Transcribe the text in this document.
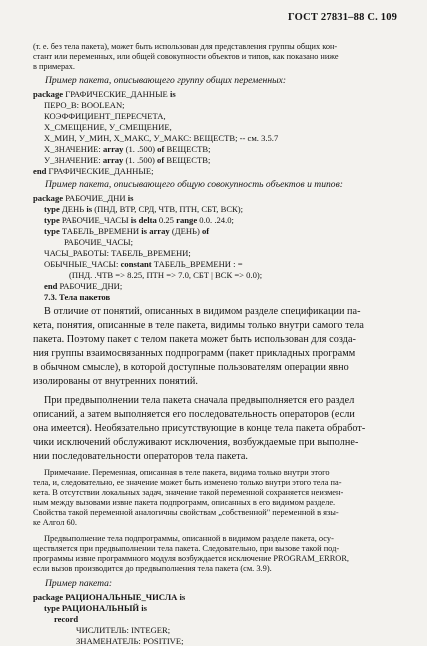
ГОСТ 27831–88 С. 109
(т. е. без тела пакета), может быть использован для представления группы общих кон-
стант или переменных, или общей совокупности объектов и типов, как показано ниже
в примерах.
Пример пакета, описывающего группу общих переменных:
package ГРАФИЧЕСКИЕ_ДАННЫЕ is
ПЕРО_В: BOOLEAN;
КОЭФФИЦИЕНТ_ПЕРЕСЧЕТА,
Х_СМЕЩЕНИЕ, У_СМЕЩЕНИЕ,
Х_МИН, У_МИН, Х_МАКС, У_МАКС: ВЕЩЕСТВ; -- см. 3.5.7
Х_ЗНАЧЕНИЕ: array (1. .500) of ВЕЩЕСТВ;
У_ЗНАЧЕНИЕ: array (1. .500) of ВЕЩЕСТВ;
end ГРАФИЧЕСКИЕ_ДАННЫЕ;
Пример пакета, описывающего общую совокупность объектов и типов:
package РАБОЧИЕ_ДНИ is
type ДЕНЬ is (ПНД, ВТР, СРД, ЧТВ, ПТН, СБТ, ВСК);
type РАБОЧИЕ_ЧАСЫ is delta 0.25 range 0.0. .24.0;
type ТАБЕЛЬ_ВРЕМЕНИ is array (ДЕНЬ) of
РАБОЧИЕ_ЧАСЫ;
ЧАСЫ_РАБОТЫ: ТАБЕЛЬ_ВРЕМЕНИ;
ОБЫЧНЫЕ_ЧАСЫ: constant ТАБЕЛЬ_ВРЕМЕНИ : =
(ПНД. .ЧТВ => 8.25, ПТН => 7.0, СБТ | ВСК => 0.0);
end РАБОЧИЕ_ДНИ;
7.3. Тела пакетов
В отличие от понятий, описанных в видимом разделе спецификации па-
кета, понятия, описанные в теле пакета, видимы только внутри самого тела
пакета. Поэтому пакет с телом пакета может быть использован для созда-
ния группы взаимосвязанных подпрограмм (пакет прикладных программ
в обычном смысле), в которой доступные пользователям операции явно
изолированы от внутренних понятий.
При предвыполнении тела пакета сначала предвыполняется его раздел
описаний, а затем выполняется его последовательность операторов (если
она имеется). Необязательно присутствующие в конце тела пакета обработ-
чики исключений обслуживают исключения, возбуждаемые при выполне-
нии последовательности операторов тела пакета.
Примечание. Переменная, описанная в теле пакета, видима только внутри этого
тела, и, следовательно, ее значение может быть изменено только внутри этого тела па-
кета. В отсутствии локальных задач, значение такой переменной сохраняется неизмен-
ным между вызовами извне пакета подпрограмм, описанных в его видимом разделе.
Свойства такой переменной аналогичны свойствам „собственной" переменной в язы-
ке Алгол 60.
Предвыполнение тела подпрограммы, описанной в видимом разделе пакета, осу-
ществляется при предвыполнении тела пакета. Следовательно, при вызове такой под-
программы извне программного модуля возбуждается исключение PROGRAM_ERROR,
если вызов производится до предвыполнения тела пакета (см. 3.9).
Пример пакета:
package РАЦИОНАЛЬНЫЕ_ЧИСЛА is
type РАЦИОНАЛЬНЫЙ is
record
ЧИСЛИТЕЛЬ: INTEGER;
ЗНАМЕНАТЕЛЬ: POSITIVE;
